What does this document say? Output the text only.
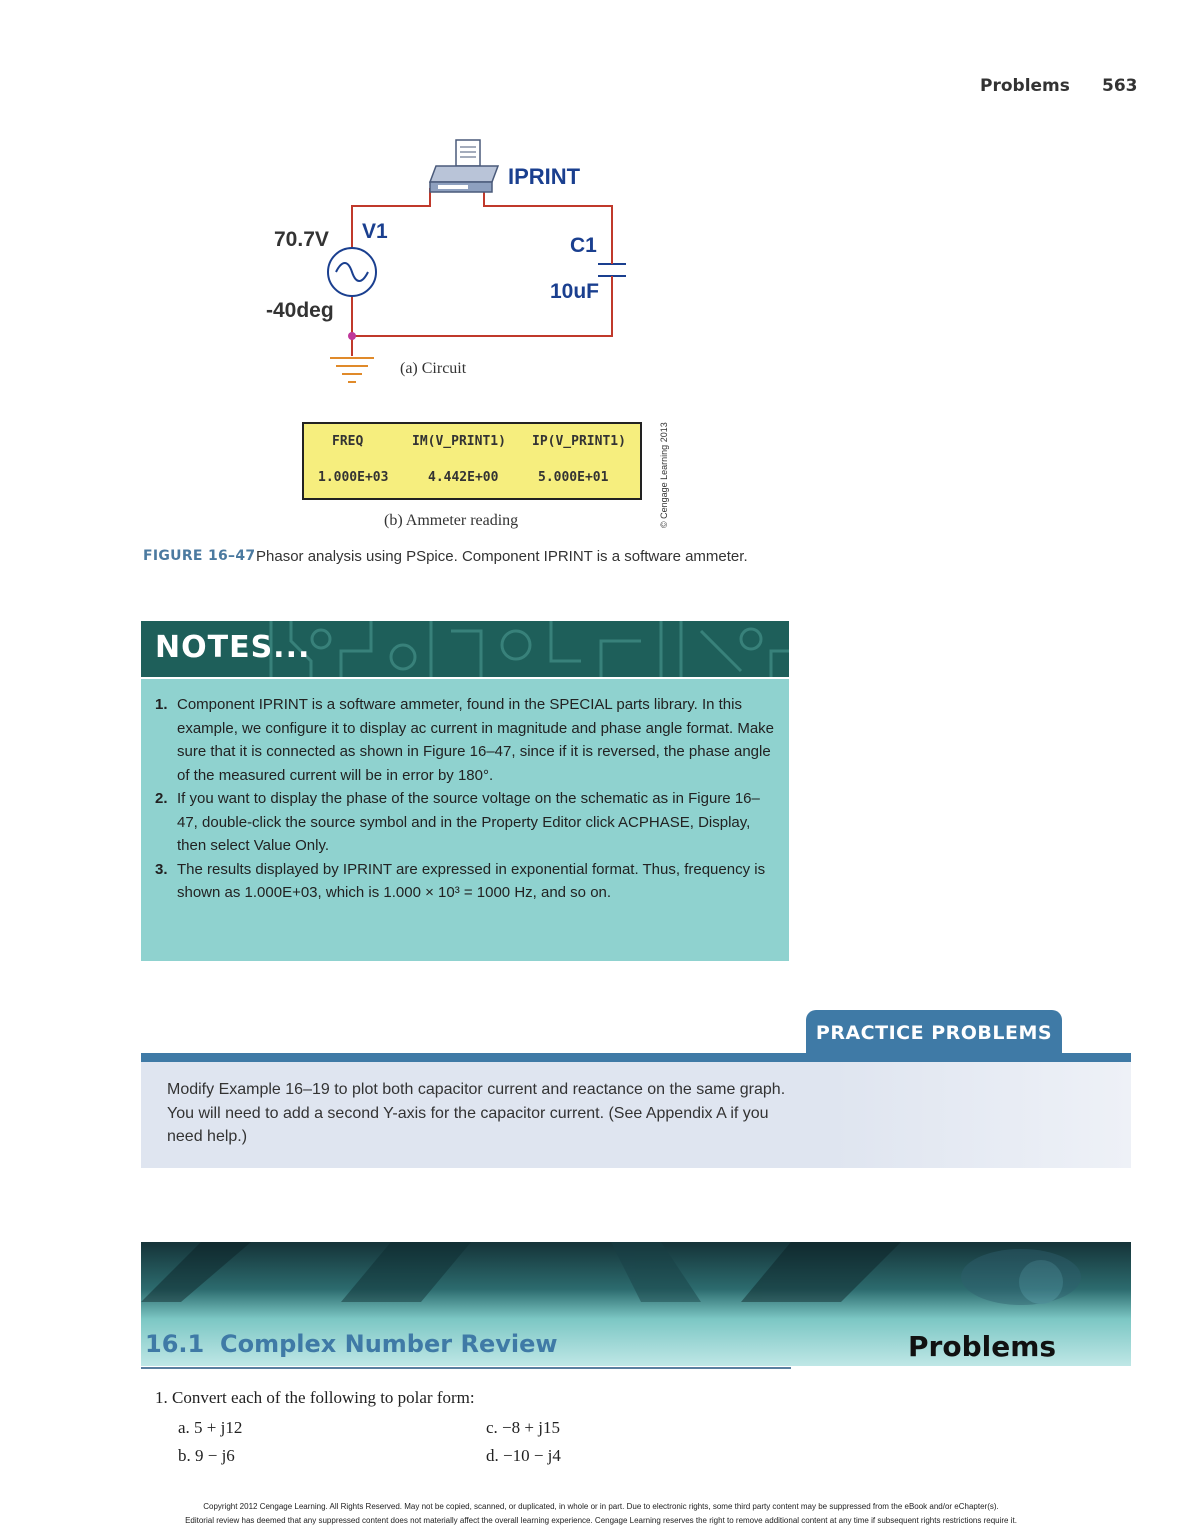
Problems 563
IPRINT
V1
70.7V
-40deg
C1
10uF
(a) Circuit
FREQ	IM(V_PRINT1) IP(V_PRINT1)
1.000E+03	4.442E+00	5.000E+01	© Cengage Learning 2013
(b) Ammeter reading
FIGURE 16–47 Phasor analysis using PSpice. Component IPRINT is a software ammeter.
NOTES...
1. Component IPRINT is a software ammeter, found in the SPECIAL parts library. In this example, we configure it to display ac current in magnitude and phase angle format. Make sure that it is connected as shown in Figure 16–47, since if it is reversed, the phase angle of the measured current will be in error by 180°.
2. If you want to display the phase of the source voltage on the schematic as in Figure 16–47, double-click the source symbol and in the Property Editor click ACPHASE, Display, then select Value Only.
3. The results displayed by IPRINT are expressed in exponential format. Thus, frequency is shown as 1.000E+03, which is 1.000 × 10³ = 1000 Hz, and so on.
PRACTICE PROBLEMS
Modify Example 16–19 to plot both capacitor current and reactance on the same graph. You will need to add a second Y-axis for the capacitor current. (See Appendix A if you need help.)
16.1 Complex Number Review	Problems
1. Convert each of the following to polar form:
a. 5 + j12
b. 9 − j6
c. −8 + j15
d. −10 − j4
Copyright 2012 Cengage Learning. All Rights Reserved. May not be copied, scanned, or duplicated, in whole or in part. Due to electronic rights, some third party content may be suppressed from the eBook and/or eChapter(s).
Editorial review has deemed that any suppressed content does not materially affect the overall learning experience. Cengage Learning reserves the right to remove additional content at any time if subsequent rights restrictions require it.
